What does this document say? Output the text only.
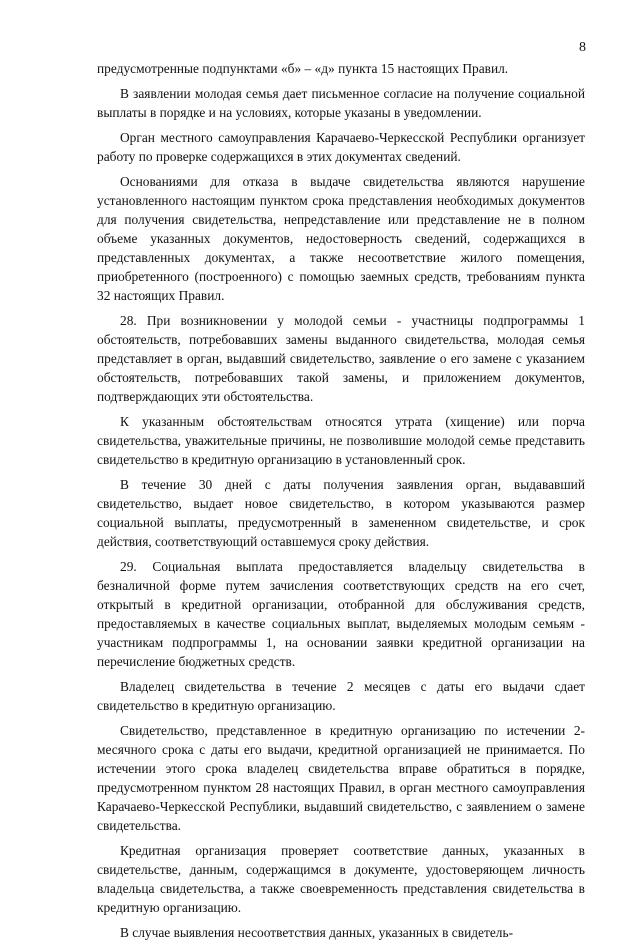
8

предусмотренные подпунктами «б» – «д» пункта 15 настоящих Правил.

В заявлении молодая семья дает письменное согласие на получение социальной выплаты в порядке и на условиях, которые указаны в уведомлении.

Орган местного самоуправления Карачаево-Черкесской Республики организует работу по проверке содержащихся в этих документах сведений.

Основаниями для отказа в выдаче свидетельства являются нарушение установленного настоящим пунктом срока представления необходимых документов для получения свидетельства, непредставление или представление не в полном объеме указанных документов, недостоверность сведений, содержащихся в представленных документах, а также несоответствие жилого помещения, приобретенного (построенного) с помощью заемных средств, требованиям пункта 32 настоящих Правил.

28. При возникновении у молодой семьи - участницы подпрограммы 1 обстоятельств, потребовавших замены выданного свидетельства, молодая семья представляет в орган, выдавший свидетельство, заявление о его замене с указанием обстоятельств, потребовавших такой замены, и приложением документов, подтверждающих эти обстоятельства.

К указанным обстоятельствам относятся утрата (хищение) или порча свидетельства, уважительные причины, не позволившие молодой семье представить свидетельство в кредитную организацию в установленный срок.

В течение 30 дней с даты получения заявления орган, выдававший свидетельство, выдает новое свидетельство, в котором указываются размер социальной выплаты, предусмотренный в замененном свидетельстве, и срок действия, соответствующий оставшемуся сроку действия.

29. Социальная выплата предоставляется владельцу свидетельства в безналичной форме путем зачисления соответствующих средств на его счет, открытый в кредитной организации, отобранной для обслуживания средств, предоставляемых в качестве социальных выплат, выделяемых молодым семьям - участникам подпрограммы 1, на основании заявки кредитной организации на перечисление бюджетных средств.

Владелец свидетельства в течение 2 месяцев с даты его выдачи сдает свидетельство в кредитную организацию.

Свидетельство, представленное в кредитную организацию по истечении 2-месячного срока с даты его выдачи, кредитной организацией не принимается. По истечении этого срока владелец свидетельства вправе обратиться в порядке, предусмотренном пунктом 28 настоящих Правил, в орган местного самоуправления Карачаево-Черкесской Республики, выдавший свидетельство, с заявлением о замене свидетельства.

Кредитная организация проверяет соответствие данных, указанных в свидетельстве, данным, содержащимся в документе, удостоверяющем личность владельца свидетельства, а также своевременность представления свидетельства в кредитную организацию.

В случае выявления несоответствия данных, указанных в свидетель-
